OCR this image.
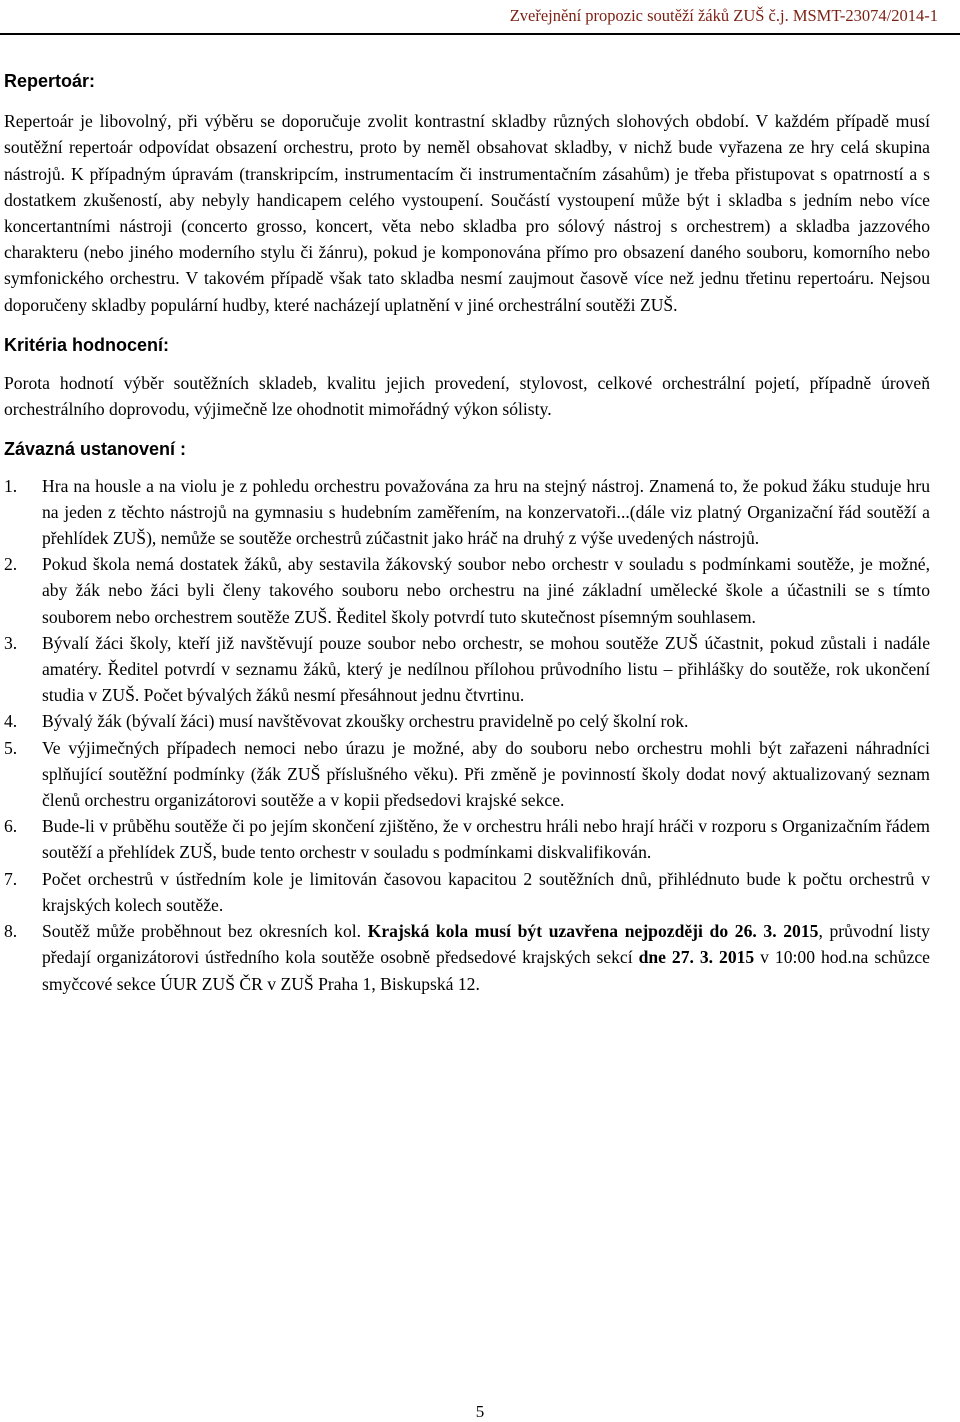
Zveřejnění propozic soutěží žáků ZUŠ č.j. MSMT-23074/2014-1
Repertoár:

Repertoár je libovolný, při výběru se doporučuje zvolit kontrastní skladby různých slohových období. V každém případě musí soutěžní repertoár odpovídat obsazení orchestru, proto by neměl obsahovat skladby, v nichž bude vyřazena ze hry celá skupina nástrojů. K případným úpravám (transkripcím, instrumentacím či instrumentačním zásahům) je třeba přistupovat s opatrností a s dostatkem zkušeností, aby nebyly handicapem celého vystoupení. Součástí vystoupení může být i skladba s jedním nebo více koncertantními nástroji (concerto grosso, koncert, věta nebo skladba pro sólový nástroj s orchestrem) a skladba jazzového charakteru (nebo jiného moderního stylu či žánru), pokud je komponována přímo pro obsazení daného souboru, komorního nebo symfonického orchestru. V takovém případě však tato skladba nesmí zaujmout časově více než jednu třetinu repertoáru. Nejsou doporučeny skladby populární hudby, které nacházejí uplatnění v jiné orchestrální soutěži ZUŠ.

Kritéria hodnocení:

Porota hodnotí výběr soutěžních skladeb, kvalitu jejich provedení, stylovost, celkové orchestrální pojetí, případně úroveň orchestrálního doprovodu, výjimečně lze ohodnotit mimořádný výkon sólisty.

Závazná ustanovení :
1.	Hra na housle a na violu je z pohledu orchestru považována za hru na stejný nástroj. Znamená to, že pokud žáku studuje hru na jeden z těchto nástrojů na gymnasiu s hudebním zaměřením, na konzervatoři...(dále viz platný Organizační řád soutěží a přehlídek ZUŠ), nemůže se soutěže orchestrů zúčastnit jako hráč na druhý z výše uvedených nástrojů.
2.	Pokud škola nemá dostatek žáků, aby sestavila žákovský soubor nebo orchestr v souladu s podmínkami soutěže, je možné, aby žák nebo žáci byli členy takového souboru nebo orchestru na jiné základní umělecké škole a účastnili se s tímto souborem nebo orchestrem soutěže ZUŠ. Ředitel školy potvrdí tuto skutečnost písemným souhlasem.
3.	Bývalí žáci školy, kteří již navštěvují pouze soubor nebo orchestr, se mohou soutěže ZUŠ účastnit, pokud zůstali i nadále amatéry. Ředitel potvrdí v seznamu žáků, který je nedílnou přílohou průvodního listu – přihlášky do soutěže, rok ukončení studia v ZUŠ. Počet bývalých žáků nesmí přesáhnout jednu čtvrtinu.
4.	Bývalý žák (bývalí žáci) musí navštěvovat zkoušky orchestru pravidelně po celý školní rok.
5.	Ve výjimečných případech nemoci nebo úrazu je možné, aby do souboru nebo orchestru mohli být zařazeni náhradníci splňující soutěžní podmínky (žák ZUŠ příslušného věku). Při změně je povinností školy dodat nový aktualizovaný seznam členů orchestru organizátorovi soutěže a v kopii předsedovi krajské sekce.
6.	Bude-li v průběhu soutěže či po jejím skončení zjištěno, že v orchestru hráli nebo hrají hráči v rozporu s Organizačním řádem soutěží a přehlídek ZUŠ, bude tento orchestr v souladu s podmínkami diskvalifikován.
7.	Počet orchestrů v ústředním kole je limitován časovou kapacitou 2 soutěžních dnů, přihlédnuto bude k počtu orchestrů v krajských kolech soutěže.
8.	Soutěž může proběhnout bez okresních kol. Krajská kola musí být uzavřena nejpozději do 26. 3. 2015, průvodní listy předají organizátorovi ústředního kola soutěže osobně předsedové krajských sekcí dne 27. 3. 2015 v 10:00 hod.na schůzce smyčcové sekce ÚUR ZUŠ ČR v ZUŠ Praha 1, Biskupská 12.
5
